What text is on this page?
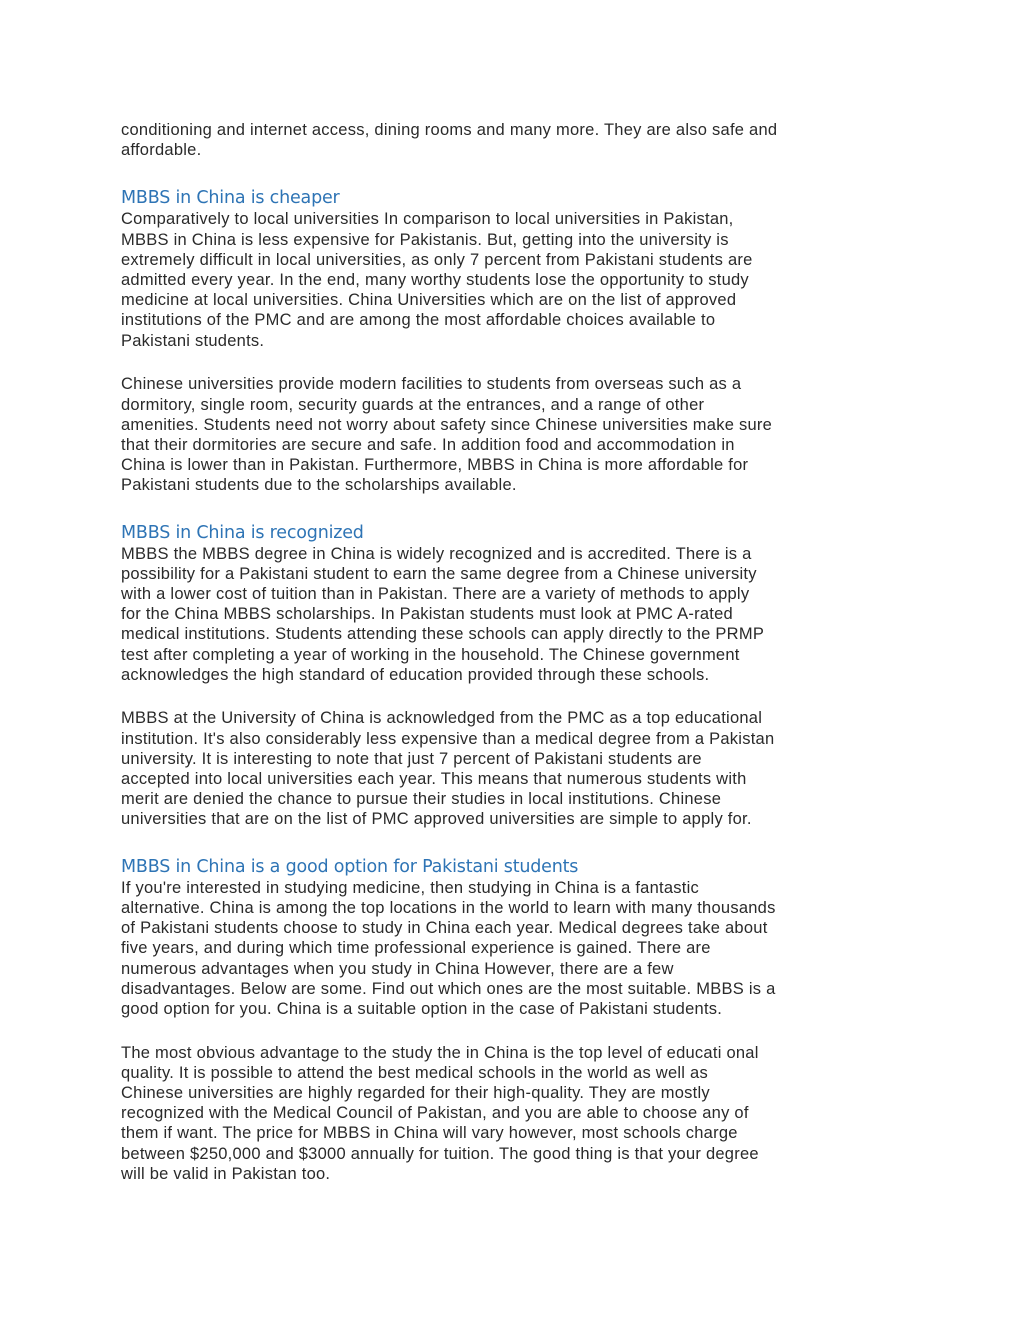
conditioning and internet access, dining rooms and many more. They are also safe and
affordable.

MBBS in China is cheaper

Comparatively to local universities In comparison to local universities in Pakistan,
MBBS in China is less expensive for Pakistanis. But, getting into the university is
extremely difficult in local universities, as only 7 percent from Pakistani students are
admitted every year. In the end, many worthy students lose the opportunity to study
medicine at local universities. China Universities which are on the list of approved
institutions of the PMC and are among the most affordable choices available to
Pakistani students.

Chinese universities provide modern facilities to students from overseas such as a
dormitory, single room, security guards at the entrances, and a range of other
amenities. Students need not worry about safety since Chinese universities make sure
that their dormitories are secure and safe. In addition food and accommodation in
China is lower than in Pakistan. Furthermore, MBBS in China is more affordable for
Pakistani students due to the scholarships available.

MBBS in China is recognized

MBBS the MBBS degree in China is widely recognized and is accredited. There is a
possibility for a Pakistani student to earn the same degree from a Chinese university
with a lower cost of tuition than in Pakistan. There are a variety of methods to apply
for the China MBBS scholarships. In Pakistan students must look at PMC A-rated
medical institutions. Students attending these schools can apply directly to the PRMP
test after completing a year of working in the household. The Chinese government
acknowledges the high standard of education provided through these schools.

MBBS at the University of China is acknowledged from the PMC as a top educational
institution. It's also considerably less expensive than a medical degree from a Pakistan
university. It is interesting to note that just 7 percent of Pakistani students are
accepted into local universities each year. This means that numerous students with
merit are denied the chance to pursue their studies in local institutions. Chinese
universities that are on the list of PMC approved universities are simple to apply for.

MBBS in China is a good option for Pakistani students

If you're interested in studying medicine, then studying in China is a fantastic
alternative. China is among the top locations in the world to learn with many thousands
of Pakistani students choose to study in China each year. Medical degrees take about
five years, and during which time professional experience is gained. There are
numerous advantages when you study in China However, there are a few
disadvantages. Below are some. Find out which ones are the most suitable. MBBS is a
good option for you. China is a suitable option in the case of Pakistani students.

The most obvious advantage to the study the in China is the top level of educati onal
quality. It is possible to attend the best medical schools in the world as well as
Chinese universities are highly regarded for their high-quality. They are mostly
recognized with the Medical Council of Pakistan, and you are able to choose any of
them if want. The price for MBBS in China will vary however, most schools charge
between $250,000 and $3000 annually for tuition. The good thing is that your degree
will be valid in Pakistan too.
